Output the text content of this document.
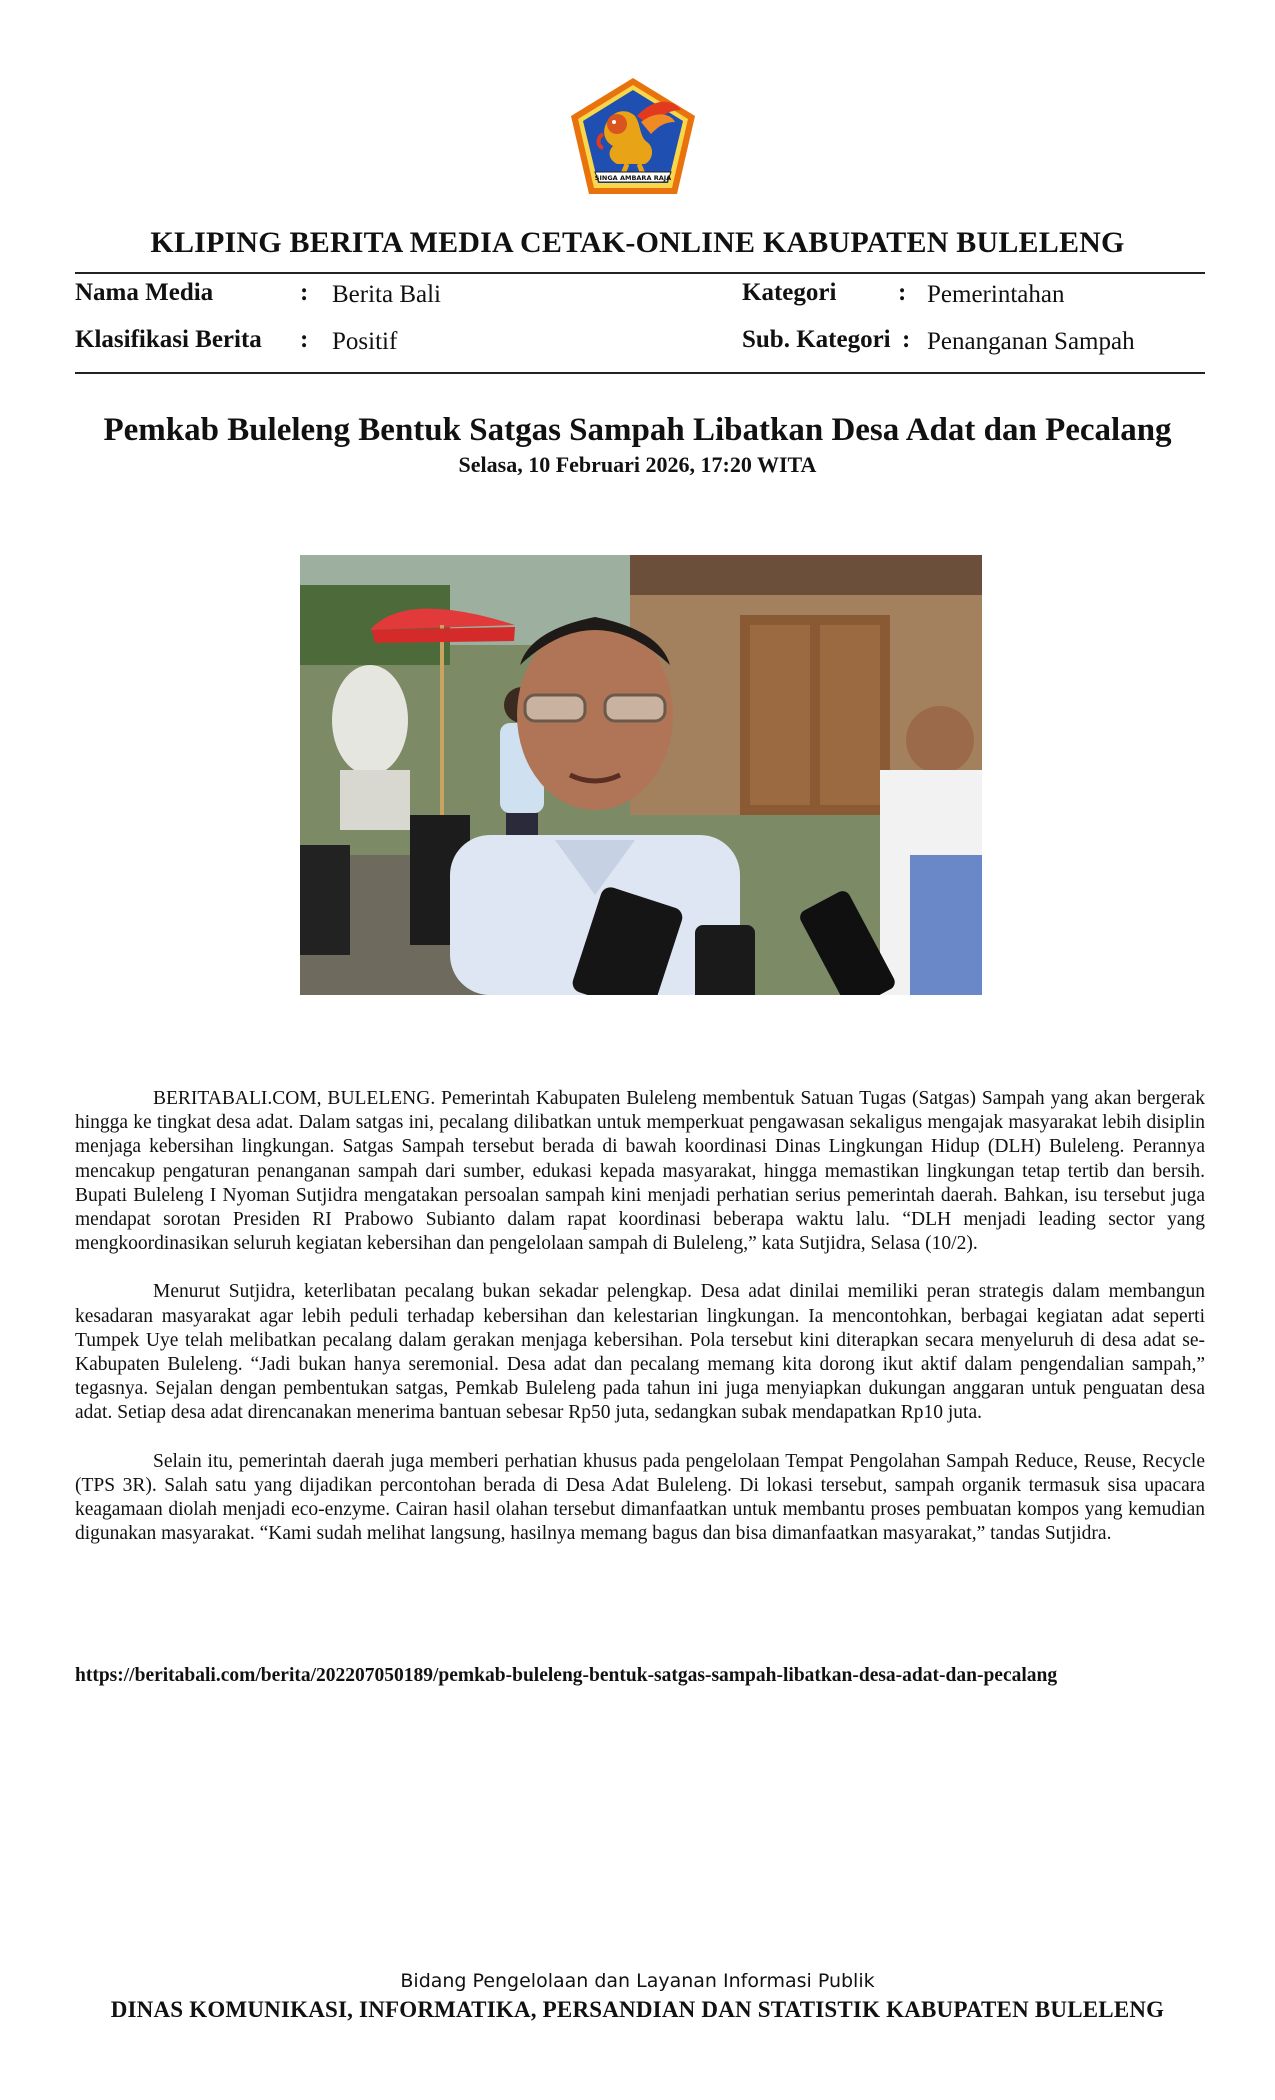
SINGA AMBARA RAJA
KLIPING BERITA MEDIA CETAK-ONLINE KABUPATEN BULELENG
Nama Media	: Berita Bali	Kategori : Pemerintahan
Klasifikasi Berita : Positif	Sub. Kategori : Penanganan Sampah
Pemkab Buleleng Bentuk Satgas Sampah Libatkan Desa Adat dan Pecalang
Selasa, 10 Februari 2026, 17:20 WITA

BERITABALI.COM, BULELENG. Pemerintah Kabupaten Buleleng membentuk Satuan Tugas (Satgas) Sampah yang akan bergerak hingga ke tingkat desa adat. Dalam satgas ini, pecalang dilibatkan untuk memperkuat pengawasan sekaligus mengajak masyarakat lebih disiplin menjaga kebersihan lingkungan. Satgas Sampah tersebut berada di bawah koordinasi Dinas Lingkungan Hidup (DLH) Buleleng. Perannya mencakup pengaturan penanganan sampah dari sumber, edukasi kepada masyarakat, hingga memastikan lingkungan tetap tertib dan bersih. Bupati Buleleng I Nyoman Sutjidra mengatakan persoalan sampah kini menjadi perhatian serius pemerintah daerah. Bahkan, isu tersebut juga mendapat sorotan Presiden RI Prabowo Subianto dalam rapat koordinasi beberapa waktu lalu. “DLH menjadi leading sector yang mengkoordinasikan seluruh kegiatan kebersihan dan pengelolaan sampah di Buleleng,” kata Sutjidra, Selasa (10/2).

Menurut Sutjidra, keterlibatan pecalang bukan sekadar pelengkap. Desa adat dinilai memiliki peran strategis dalam membangun kesadaran masyarakat agar lebih peduli terhadap kebersihan dan kelestarian lingkungan. Ia mencontohkan, berbagai kegiatan adat seperti Tumpek Uye telah melibatkan pecalang dalam gerakan menjaga kebersihan. Pola tersebut kini diterapkan secara menyeluruh di desa adat se-Kabupaten Buleleng. “Jadi bukan hanya seremonial. Desa adat dan pecalang memang kita dorong ikut aktif dalam pengendalian sampah,” tegasnya. Sejalan dengan pembentukan satgas, Pemkab Buleleng pada tahun ini juga menyiapkan dukungan anggaran untuk penguatan desa adat. Setiap desa adat direncanakan menerima bantuan sebesar Rp50 juta, sedangkan subak mendapatkan Rp10 juta.

Selain itu, pemerintah daerah juga memberi perhatian khusus pada pengelolaan Tempat Pengolahan Sampah Reduce, Reuse, Recycle (TPS 3R). Salah satu yang dijadikan percontohan berada di Desa Adat Buleleng. Di lokasi tersebut, sampah organik termasuk sisa upacara keagamaan diolah menjadi eco-enzyme. Cairan hasil olahan tersebut dimanfaatkan untuk membantu proses pembuatan kompos yang kemudian digunakan masyarakat. “Kami sudah melihat langsung, hasilnya memang bagus dan bisa dimanfaatkan masyarakat,” tandas Sutjidra.

https://beritabali.com/berita/202207050189/pemkab-buleleng-bentuk-satgas-sampah-libatkan-desa-adat-dan-pecalang
Bidang Pengelolaan dan Layanan Informasi Publik
DINAS KOMUNIKASI, INFORMATIKA, PERSANDIAN DAN STATISTIK KABUPATEN BULELENG
